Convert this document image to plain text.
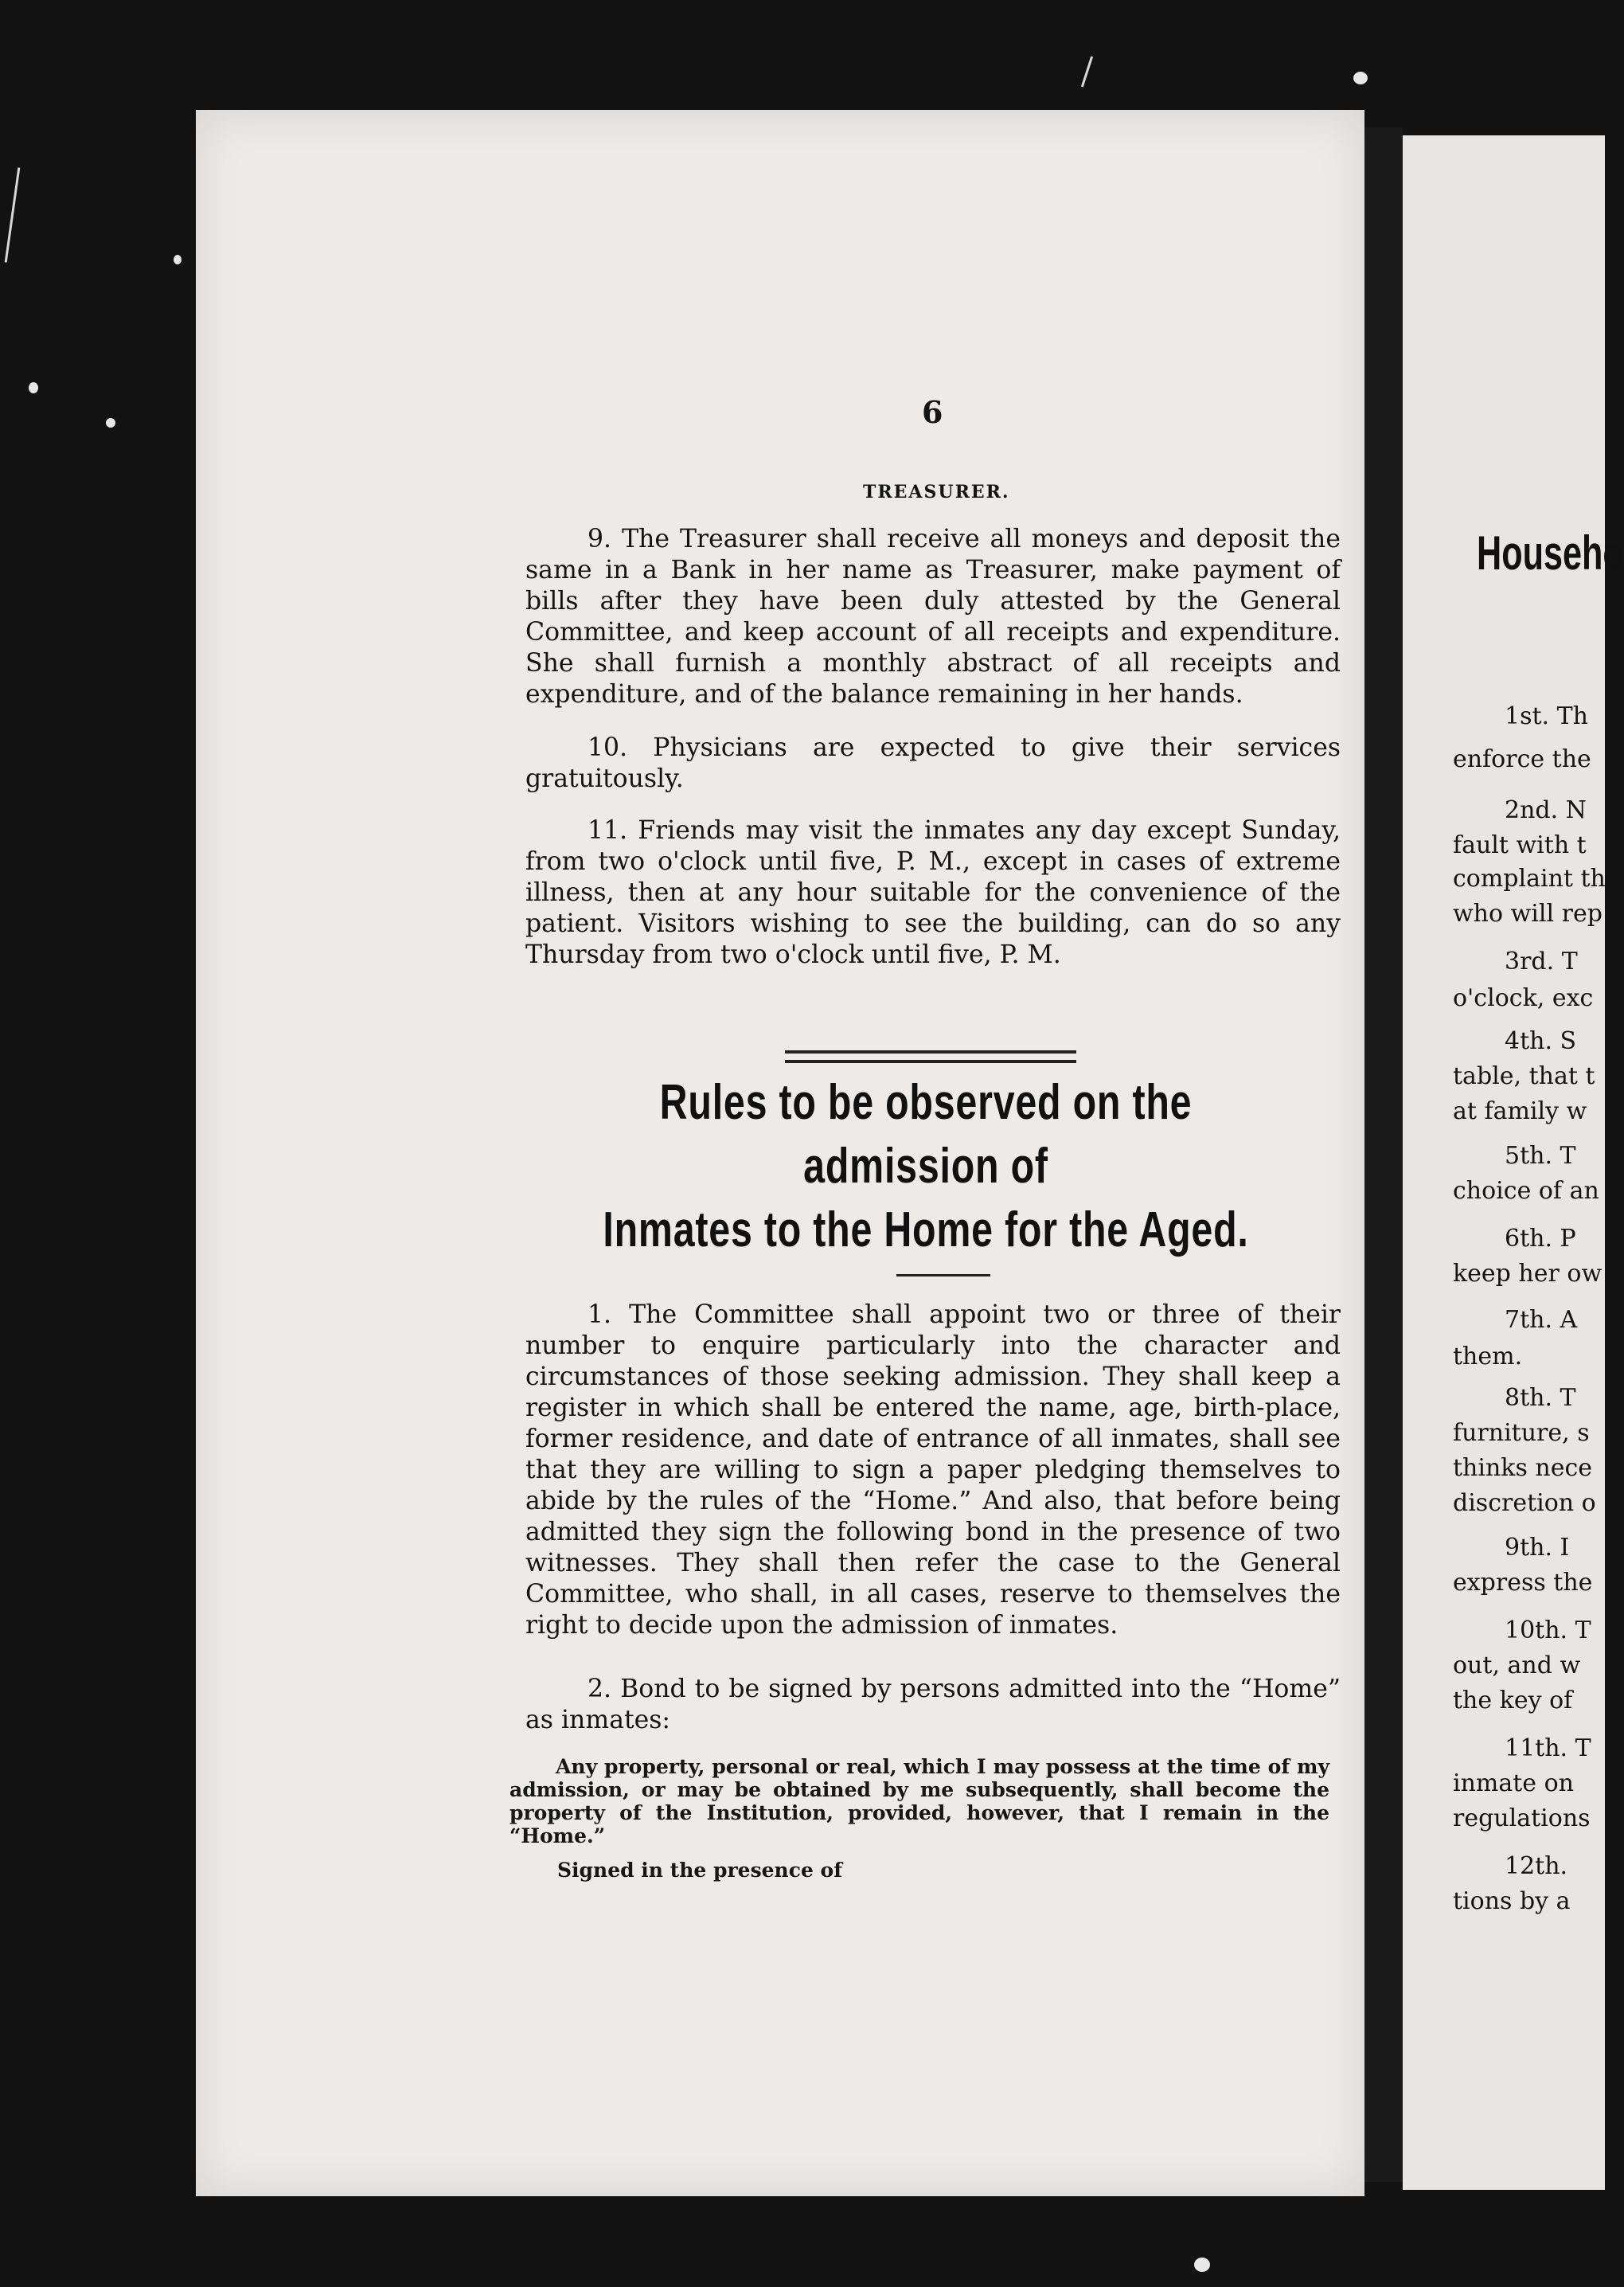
6
TREASURER.
9. The Treasurer shall receive all moneys and deposit the same in a Bank in her name as Treasurer, make payment of bills after they have been duly attested by the General Committee, and keep account of all receipts and expenditure. She shall furnish a monthly abstract of all receipts and expenditure, and of the balance remaining in her hands.
10. Physicians are expected to give their services gratuitously.
11. Friends may visit the inmates any day except Sunday, from two o'clock until five, P. M., except in cases of extreme illness, then at any hour suitable for the convenience of the patient. Visitors wishing to see the building, can do so any Thursday from two o'clock until five, P. M.
Rules to be observed on the admission of
Inmates to the Home for the Aged.
1. The Committee shall appoint two or three of their number to enquire particularly into the character and circumstances of those seeking admission. They shall keep a register in which shall be entered the name, age, birth-place, former residence, and date of entrance of all inmates, shall see that they are willing to sign a paper pledging themselves to abide by the rules of the “Home.” And also, that before being admitted they sign the following bond in the presence of two witnesses. They shall then refer the case to the General Committee, who shall, in all cases, reserve to themselves the right to decide upon the admission of inmates.
2. Bond to be signed by persons admitted into the “Home” as inmates:
Any property, personal or real, which I may possess at the time of my admission, or may be obtained by me subsequently, shall become the property of the Institution, provided, however, that I remain in the “Home.”
Signed in the presence of
Househo
1st. Th
enforce the
2nd. N
fault with t
complaint th
who will rep
3rd. T
o'clock, exc
4th. S
table, that t
at family w
5th. T
choice of an
6th. P
keep her ow
7th. A
them.
8th. T
furniture, s
thinks nece
discretion o
9th. I
express the
10th. T
out, and w
the key of
11th. T
inmate on
regulations
12th.
tions by a
